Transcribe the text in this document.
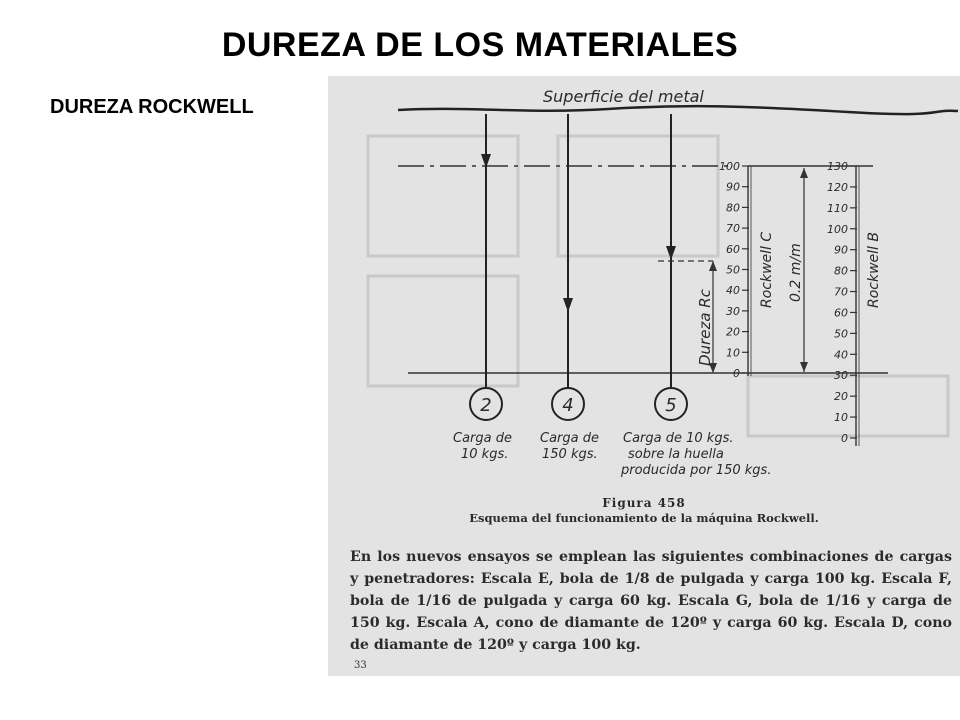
DUREZA DE LOS MATERIALES
DUREZA ROCKWELL	Superficie del metal
Dureza Rc
Rockwell C 0.2 m/m	Rockwell B
100
90
80
70
60
50
40
30
20
10
0
130
120
110
100
90
80
70
60
50
40
30
20
10
0
2
Carga de
10 kgs.
4
Carga de
150 kgs.
5
Carga de 10 kgs.
sobre la huella
producida por 150 kgs.
Figura 458
Esquema del funcionamiento de la máquina Rockwell.
En los nuevos ensayos se emplean las siguientes combinaciones de cargas y penetradores: Escala E, bola de 1/8 de pulgada y carga 100 kg. Escala F, bola de 1/16 de pulgada y carga 60 kg. Escala G, bola de 1/16 y carga de 150 kg. Escala A, cono de diamante de 120º y carga 60 kg. Escala D, cono de diamante de 120º y carga 100 kg.
33
